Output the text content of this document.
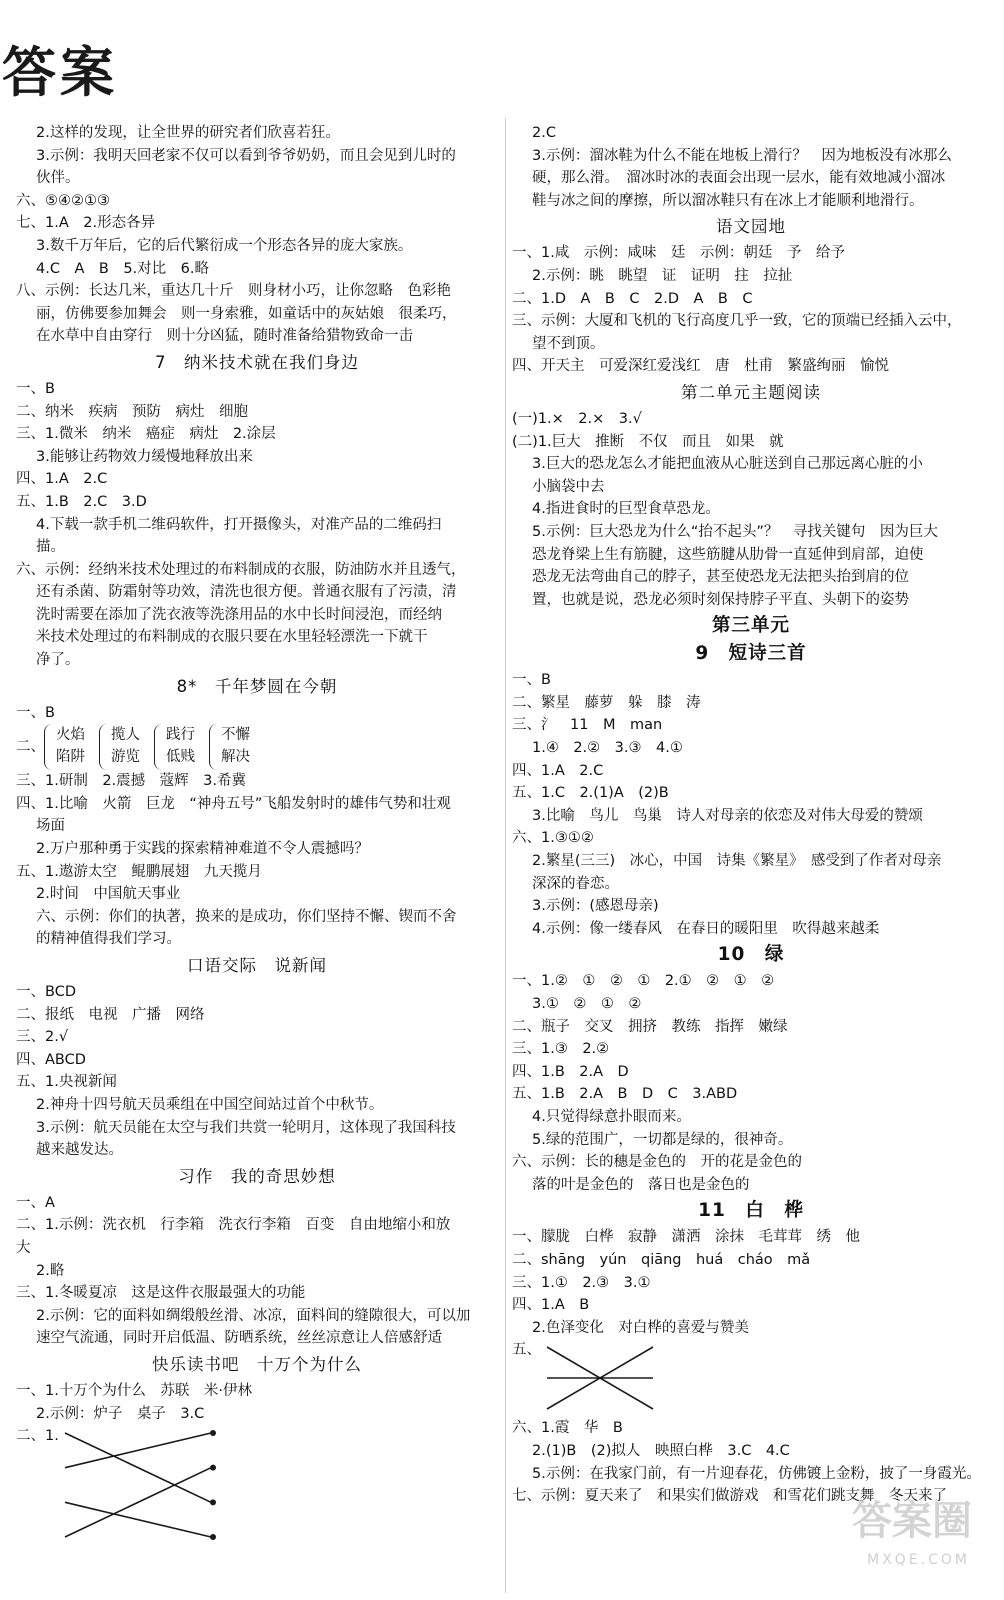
答案
2.这样的发现，让全世界的研究者们欣喜若狂。
3.示例：我明天回老家不仅可以看到爷爷奶奶，而且会见到儿时的
伙伴。
六、⑤④②①③
七、1.A　2.形态各异
3.数千万年后，它的后代繁衍成一个形态各异的庞大家族。
4.C　A　B　5.对比　6.略
八、示例：长达几米，重达几十斤　则身材小巧，让你忽略　色彩艳
丽，仿佛要参加舞会　则一身索雅，如童话中的灰姑娘　很柔巧，
在水草中自由穿行　则十分凶猛，随时准备给猎物致命一击
7　纳米技术就在我们身边
一、B
二、纳米　疾病　预防　病灶　细胞
三、1.微米　纳米　癌症　病灶　2.涂层
3.能够让药物效力缓慢地释放出来
四、1.A　2.C
五、1.B　2.C　3.D
4.下载一款手机二维码软件，打开摄像头，对准产品的二维码扫
描。
六、示例：经纳米技术处理过的布料制成的衣服，防油防水并且透气，
还有杀菌、防霜射等功效，清洗也很方便。普通衣服有了污渍，清
洗时需要在添加了洗衣液等洗涤用品的水中长时间浸泡，而经纳
米技术处理过的布料制成的衣服只要在水里轻轻漂洗一下就干
净了。
8*　千年梦圆在今朝
一、B
二、
火焰
陷阱
揽人
游览
践行
低贱
不懈
解决
三、1.研制　2.震撼　蔻辉　3.希冀
四、1.比喻　火箭　巨龙　“神舟五号”飞船发射时的雄伟气势和壮观
场面
2.万户那种勇于实践的探索精神难道不令人震撼吗？
五、1.遨游太空　鲲鹏展翅　九天揽月
2.时间　中国航天事业
六、示例：你们的执著，换来的是成功，你们坚持不懈、锲而不舍
的精神值得我们学习。
口语交际　说新闻
一、BCD
二、报纸　电视　广播　网络
三、2.√
四、ABCD
五、1.央视新闻
2.神舟十四号航天员乘组在中国空间站过首个中秋节。
3.示例：航天员能在太空与我们共赏一轮明月，这体现了我国科技
越来越发达。
习作　我的奇思妙想
一、A
二、1.示例：洗衣机　行李箱　洗衣行李箱　百变　自由地缩小和放
大
2.略
三、1.冬暖夏凉　这是这件衣服最强大的功能
2.示例：它的面料如绸缎般丝滑、冰凉，面料间的缝隙很大，可以加
速空气流通，同时开启低温、防晒系统，丝丝凉意让人倍感舒适
快乐读书吧　十万个为什么
一、1.十万个为什么　苏联　米·伊林
2.示例：炉子　桌子　3.C
二、1.
2.C
3.示例：溜冰鞋为什么不能在地板上滑行？　因为地板没有冰那么
硬，那么滑。　溜冰时冰的表面会出现一层水，能有效地减小溜冰
鞋与冰之间的摩擦，所以溜冰鞋只有在冰上才能顺利地滑行。
语文园地
一、1.咸　示例：咸味　廷　示例：朝廷　予　给予
2.示例：眺　眺望　证　证明　拄　拉扯
二、1.D　A　B　C　2.D　A　B　C
三、示例：大厦和飞机的飞行高度几乎一致，它的顶端已经插入云中，
望不到顶。
四、开天主　可爱深红爱浅红　唐　杜甫　繁盛绚丽　愉悦
第二单元主题阅读
(一)1.×　2.×　3.√
(二)1.巨大　推断　不仅　而且　如果　就
3.巨大的恐龙怎么才能把血液从心脏送到自己那远离心脏的小
小脑袋中去
4.指进食时的巨型食草恐龙。
5.示例：巨大恐龙为什么“抬不起头”？　寻找关键句　因为巨大
恐龙脊梁上生有筋腱，这些筋腱从肋骨一直延伸到肩部，迫使
恐龙无法弯曲自己的脖子，甚至使恐龙无法把头抬到肩的位
置，也就是说，恐龙必须时刻保持脖子平直、头朝下的姿势
第三单元
9　短诗三首
一、B
二、繁星　藤萝　躲　膝　涛
三、氵　11　M　man
1.④　2.②　3.③　4.①
四、1.A　2.C
五、1.C　2.(1)A　(2)B
3.比喻　鸟儿　鸟巢　诗人对母亲的依恋及对伟大母爱的赞颂
六、1.③①②
2.繁星(三三)　冰心，中国　诗集《繁星》　感受到了作者对母亲
深深的眷恋。
3.示例：(感恩母亲)
4.示例：像一缕春风　在春日的暖阳里　吹得越来越柔
10　绿
一、1.②　①　②　①　2.①　②　①　②
3.①　②　①　②
二、瓶子　交叉　拥挤　教练　指挥　嫩绿
三、1.③　2.②
四、1.B　2.A　D
五、1.B　2.A　B　D　C　3.ABD
4.只觉得绿意扑眼而来。
5.绿的范围广，一切都是绿的，很神奇。
六、示例：长的穗是金色的　开的花是金色的
落的叶是金色的　落日也是金色的
11　白　桦
一、朦胧　白桦　寂静　潇洒　涂抹　毛茸茸　绣　他
二、shāng　yún　qiāng　huá　cháo　mǎ
三、1.①　2.③　3.①
四、1.A　B
2.色泽变化　对白桦的喜爱与赞美
五、
六、1.霞　华　B
2.(1)B　(2)拟人　映照白桦　3.C　4.C
5.示例：在我家门前，有一片迎春花，仿佛镀上金粉，披了一身霞光。
七、示例：夏天来了　和果实们做游戏　和雪花们跳支舞　冬天来了
答案圈
MXQE.COM
